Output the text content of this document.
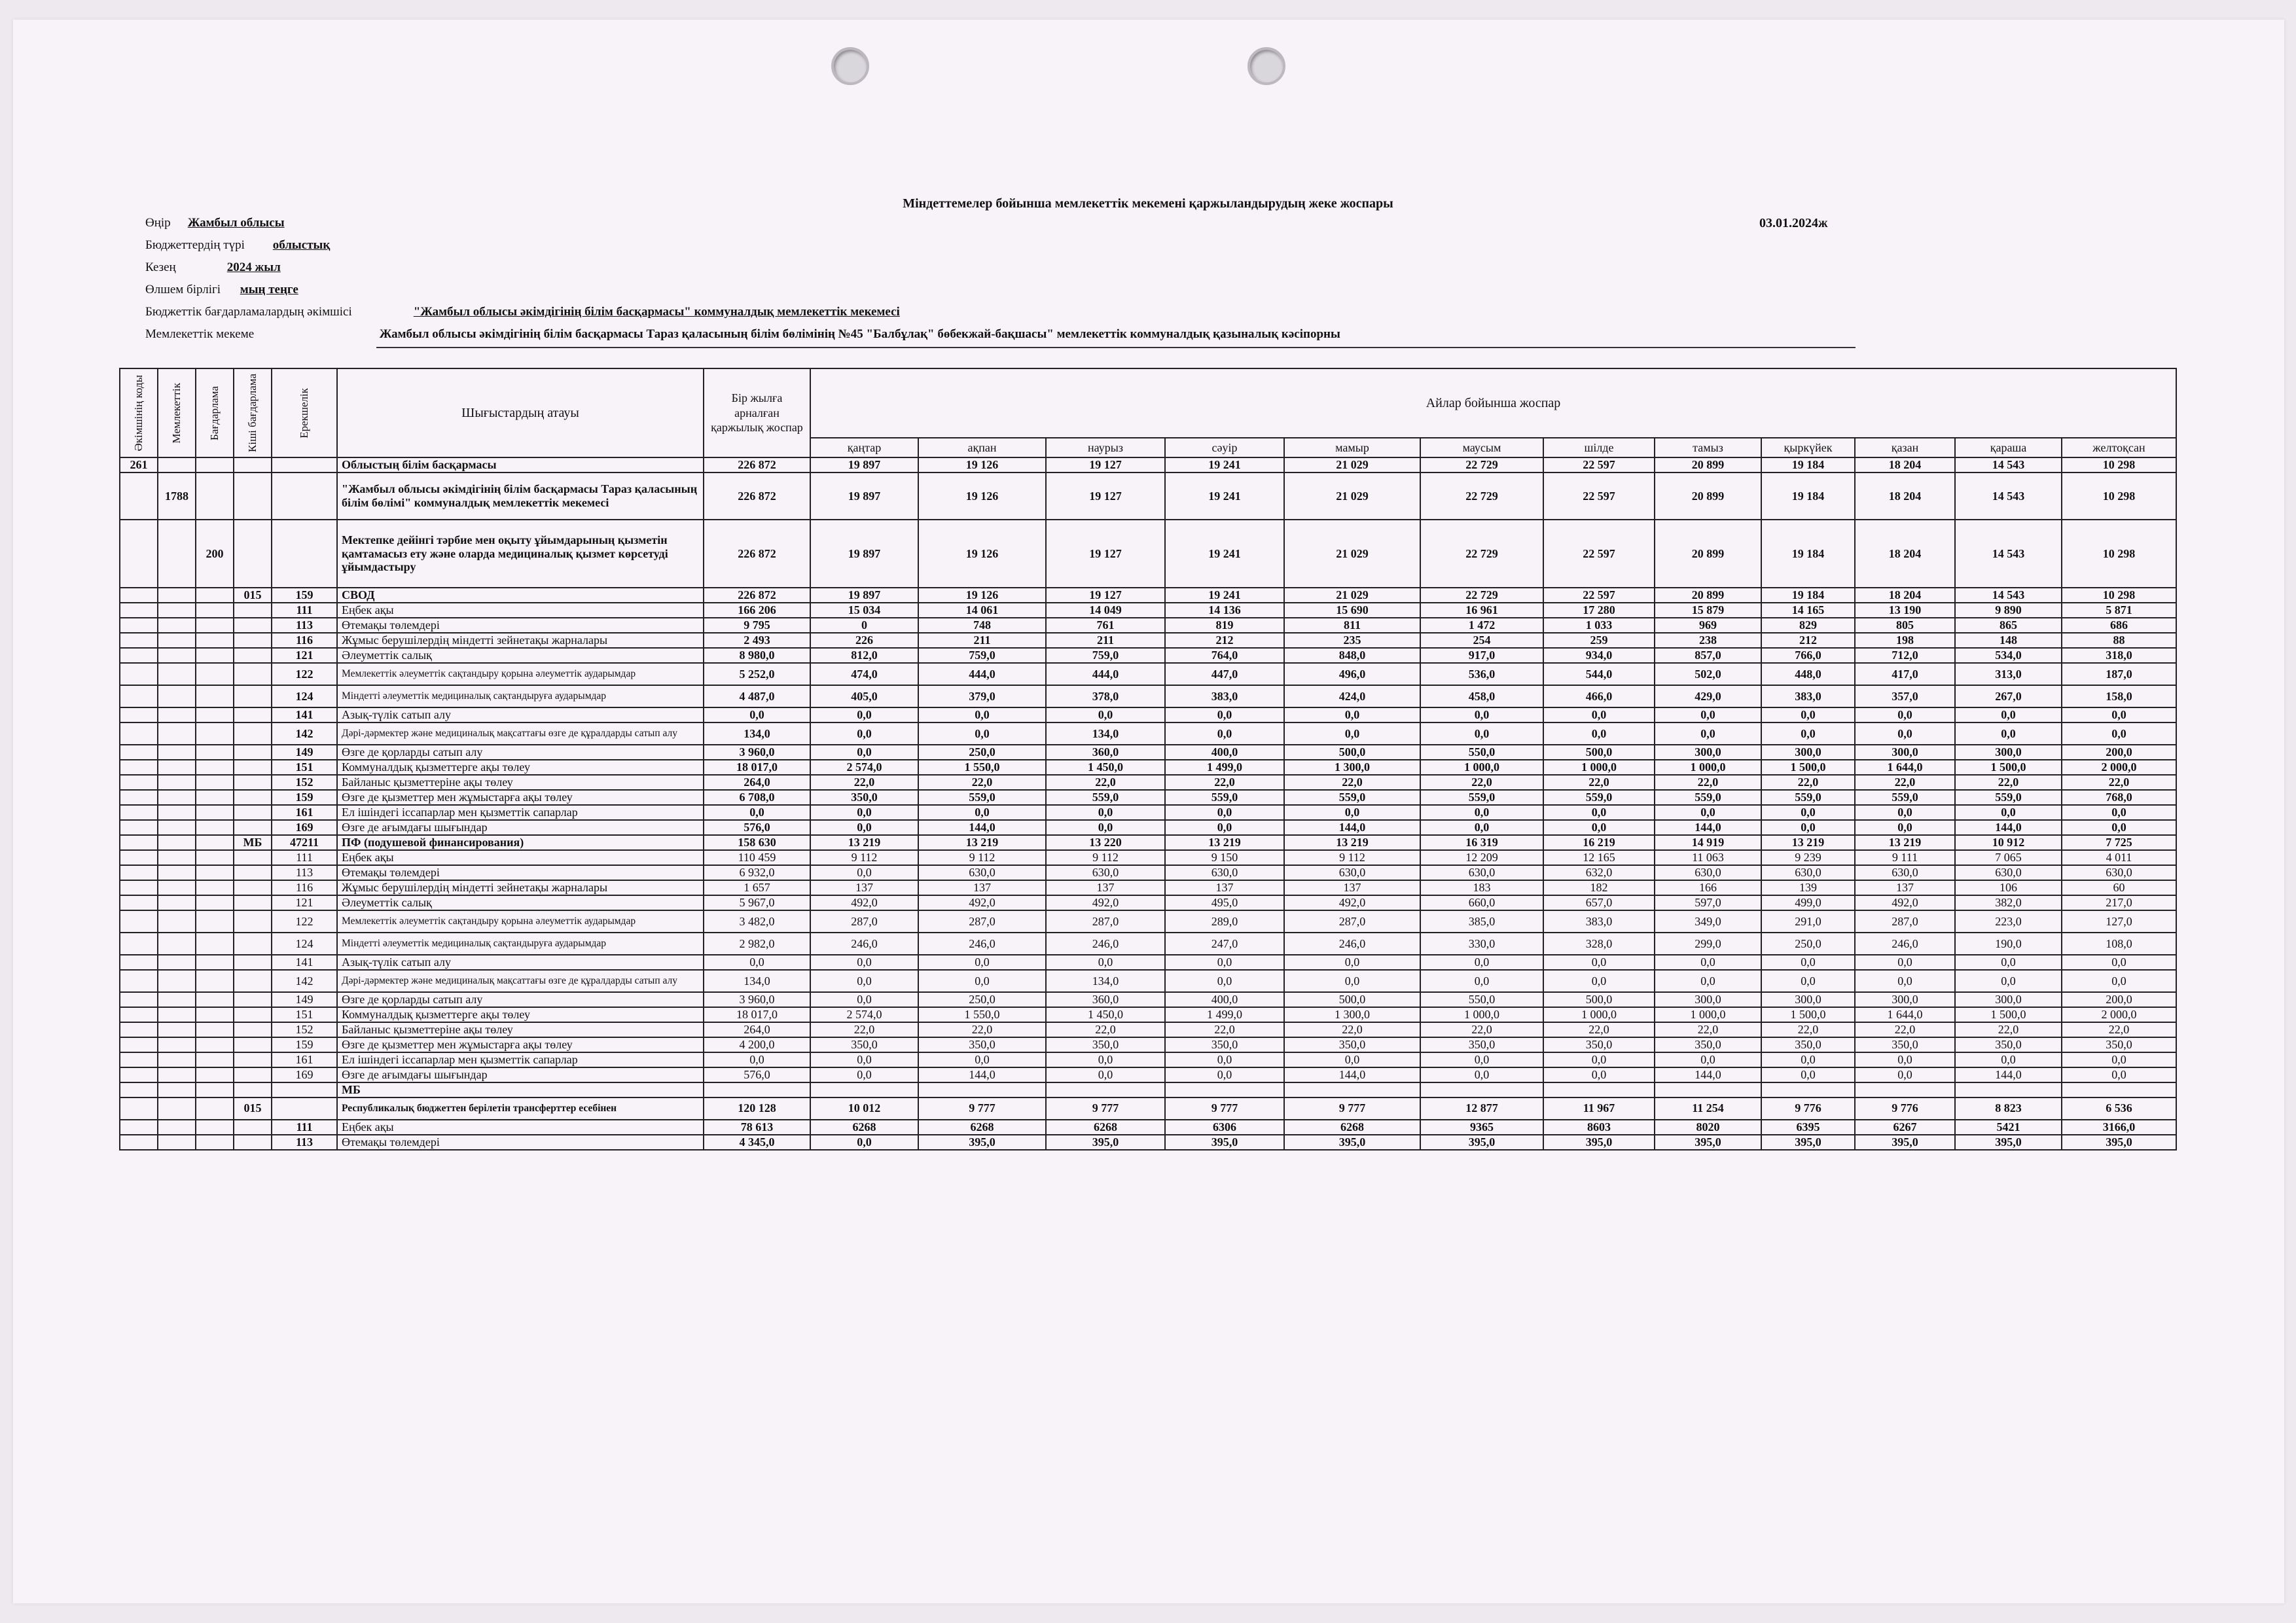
Міндеттемелер бойынша мемлекеттік мекемені қаржыландырудың жеке жоспары
03.01.2024ж
Өңір Жамбыл облысы
Бюджеттердің түрі облыстық
Кезең	2024 жыл
Өлшем бірлігі мың теңге
Бюджеттік бағдарламалардың әкімшісі	"Жамбыл облысы әкімдігінің білім басқармасы" коммуналдық мемлекеттік мекемесі
Мемлекеттік мекеме	Жамбыл облысы әкімдігінің білім басқармасы Тараз қаласының білім бөлімінің №45 "Балбұлақ" бөбекжай-бақшасы" мемлекеттік коммуналдық қазыналық кәсіпорны
Әкімшінің коды	Мемлекеттік	Бағдарлама	Кіші бағдарлама	Ерекшелік	Шығыстардың атауы	Бір жылға арналған қаржылық жоспар	Айлар бойынша жоспар											
							қаңтар	ақпан	наурыз	сәуір	мамыр	маусым	шілде	тамыз	қыркүйек	қазан	қараша	желтоқсан
261					Облыстың білім басқармасы	226 872	19 897	19 126	19 127	19 241	21 029	22 729	22 597	20 899	19 184	18 204	14 543	10 298
	1788				"Жамбыл облысы әкімдігінің білім басқармасы Тараз қаласының білім бөлімі" коммуналдық мемлекеттік мекемесі	226 872	19 897	19 126	19 127	19 241	21 029	22 729	22 597	20 899	19 184	18 204	14 543	10 298
		200			Мектепке дейінгі тәрбие мен оқыту ұйымдарының қызметін қамтамасыз ету және оларда медициналық қызмет көрсетуді ұйымдастыру	226 872	19 897	19 126	19 127	19 241	21 029	22 729	22 597	20 899	19 184	18 204	14 543	10 298
			015	159	СВОД	226 872	19 897	19 126	19 127	19 241	21 029	22 729	22 597	20 899	19 184	18 204	14 543	10 298
				111	Еңбек ақы	166 206	15 034	14 061	14 049	14 136	15 690	16 961	17 280	15 879	14 165	13 190	9 890	5 871
				113	Өтемақы төлемдері	9 795	0	748	761	819	811	1 472	1 033	969	829	805	865	686
				116	Жұмыс берушілердің міндетті зейнетақы жарналары	2 493	226	211	211	212	235	254	259	238	212	198	148	88
				121	Әлеуметтік салық	8 980,0	812,0	759,0	759,0	764,0	848,0	917,0	934,0	857,0	766,0	712,0	534,0	318,0
				122	Мемлекеттік әлеуметтік сақтандыру қорына әлеуметтік аударымдар	5 252,0	474,0	444,0	444,0	447,0	496,0	536,0	544,0	502,0	448,0	417,0	313,0	187,0
				124	Міндетті әлеуметтік медициналық сақтандыруға аударымдар	4 487,0	405,0	379,0	378,0	383,0	424,0	458,0	466,0	429,0	383,0	357,0	267,0	158,0
				141	Азық-түлік сатып алу	0,0	0,0	0,0	0,0	0,0	0,0	0,0	0,0	0,0	0,0	0,0	0,0	0,0
				142	Дәрі-дәрмектер және медициналық мақсаттағы өзге де құралдарды сатып алу	134,0	0,0	0,0	134,0	0,0	0,0	0,0	0,0	0,0	0,0	0,0	0,0	0,0
				149	Өзге де қорларды сатып алу	3 960,0	0,0	250,0	360,0	400,0	500,0	550,0	500,0	300,0	300,0	300,0	300,0	200,0
				151	Коммуналдық қызметтерге ақы төлеу	18 017,0	2 574,0	1 550,0	1 450,0	1 499,0	1 300,0	1 000,0	1 000,0	1 000,0	1 500,0	1 644,0	1 500,0	2 000,0
				152	Байланыс қызметтеріне ақы төлеу	264,0	22,0	22,0	22,0	22,0	22,0	22,0	22,0	22,0	22,0	22,0	22,0	22,0
				159	Өзге де қызметтер мен жұмыстарға ақы төлеу	6 708,0	350,0	559,0	559,0	559,0	559,0	559,0	559,0	559,0	559,0	559,0	559,0	768,0
				161	Ел ішіндегі іссапарлар мен қызметтік сапарлар	0,0	0,0	0,0	0,0	0,0	0,0	0,0	0,0	0,0	0,0	0,0	0,0	0,0
				169	Өзге де ағымдағы шығындар	576,0	0,0	144,0	0,0	0,0	144,0	0,0	0,0	144,0	0,0	0,0	144,0	0,0
			МБ	47211	ПФ (подушевой финансирования)	158 630	13 219	13 219	13 220	13 219	13 219	16 319	16 219	14 919	13 219	13 219	10 912	7 725
				111	Еңбек ақы	110 459	9 112	9 112	9 112	9 150	9 112	12 209	12 165	11 063	9 239	9 111	7 065	4 011
				113	Өтемақы төлемдері	6 932,0	0,0	630,0	630,0	630,0	630,0	630,0	632,0	630,0	630,0	630,0	630,0	630,0
				116	Жұмыс берушілердің міндетті зейнетақы жарналары	1 657	137	137	137	137	137	183	182	166	139	137	106	60
				121	Әлеуметтік салық	5 967,0	492,0	492,0	492,0	495,0	492,0	660,0	657,0	597,0	499,0	492,0	382,0	217,0
				122	Мемлекеттік әлеуметтік сақтандыру қорына әлеуметтік аударымдар	3 482,0	287,0	287,0	287,0	289,0	287,0	385,0	383,0	349,0	291,0	287,0	223,0	127,0
				124	Міндетті әлеуметтік медициналық сақтандыруға аударымдар	2 982,0	246,0	246,0	246,0	247,0	246,0	330,0	328,0	299,0	250,0	246,0	190,0	108,0
				141	Азық-түлік сатып алу	0,0	0,0	0,0	0,0	0,0	0,0	0,0	0,0	0,0	0,0	0,0	0,0	0,0
				142	Дәрі-дәрмектер және медициналық мақсаттағы өзге де құралдарды сатып алу	134,0	0,0	0,0	134,0	0,0	0,0	0,0	0,0	0,0	0,0	0,0	0,0	0,0
				149	Өзге де қорларды сатып алу	3 960,0	0,0	250,0	360,0	400,0	500,0	550,0	500,0	300,0	300,0	300,0	300,0	200,0
				151	Коммуналдық қызметтерге ақы төлеу	18 017,0	2 574,0	1 550,0	1 450,0	1 499,0	1 300,0	1 000,0	1 000,0	1 000,0	1 500,0	1 644,0	1 500,0	2 000,0
				152	Байланыс қызметтеріне ақы төлеу	264,0	22,0	22,0	22,0	22,0	22,0	22,0	22,0	22,0	22,0	22,0	22,0	22,0
				159	Өзге де қызметтер мен жұмыстарға ақы төлеу	4 200,0	350,0	350,0	350,0	350,0	350,0	350,0	350,0	350,0	350,0	350,0	350,0	350,0
				161	Ел ішіндегі іссапарлар мен қызметтік сапарлар	0,0	0,0	0,0	0,0	0,0	0,0	0,0	0,0	0,0	0,0	0,0	0,0	0,0
				169	Өзге де ағымдағы шығындар	576,0	0,0	144,0	0,0	0,0	144,0	0,0	0,0	144,0	0,0	0,0	144,0	0,0
					МБ													
			015		Республикалық бюджеттен берілетін трансферттер есебінен	120 128	10 012	9 777	9 777	9 777	9 777	12 877	11 967	11 254	9 776	9 776	8 823	6 536
				111	Еңбек ақы	78 613	6268	6268	6268	6306	6268	9365	8603	8020	6395	6267	5421	3166,0
				113	Өтемақы төлемдері	4 345,0	0,0	395,0	395,0	395,0	395,0	395,0	395,0	395,0	395,0	395,0	395,0	395,0
